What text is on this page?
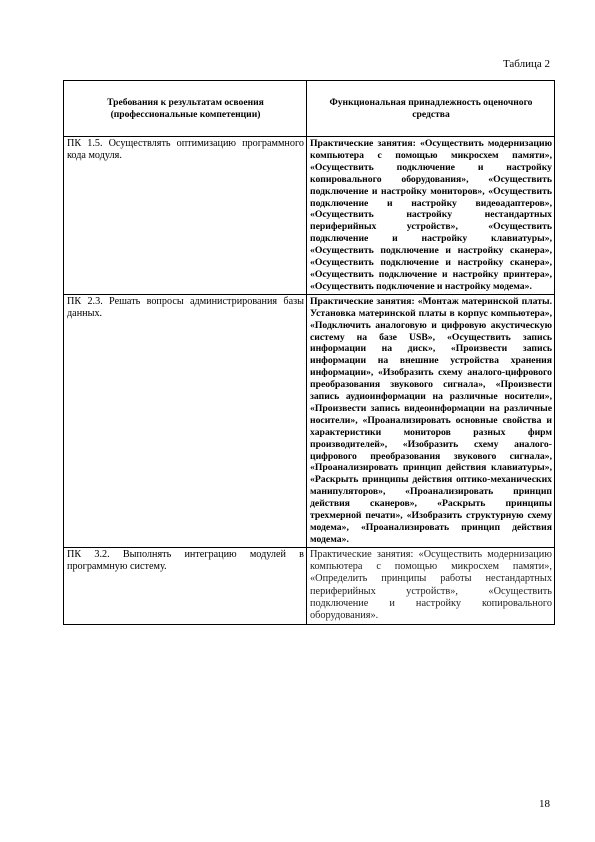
Таблица 2
Требования к результатам освоения (профессиональные компетенции)	Функциональная принадлежность оценочного средства
ПК 1.5. Осуществлять оптимизацию программного кода модуля.	Практические занятия: «Осуществить модернизацию компьютера с помощью микросхем памяти», «Осуществить подключение и настройку копировального оборудования», «Осуществить подключение и настройку мониторов», «Осуществить подключение и настройку видеоадаптеров», «Осуществить настройку нестандартных периферийных устройств», «Осуществить подключение и настройку клавиатуры», «Осуществить подключение и настройку сканера», «Осуществить подключение и настройку сканера», «Осуществить подключение и настройку принтера», «Осуществить подключение и настройку модема».
ПК 2.3. Решать вопросы администрирования базы данных.	Практические занятия: «Монтаж материнской платы. Установка материнской платы в корпус компьютера», «Подключить аналоговую и цифровую акустическую систему на базе USB», «Осуществить запись информации на диск», «Произвести запись информации на внешние устройства хранения информации», «Изобразить схему аналого-цифрового преобразования звукового сигнала», «Произвести запись аудиоинформации на различные носители», «Произвести запись видеоинформации на различные носители», «Проанализировать основные свойства и характеристики мониторов разных фирм производителей», «Изобразить схему аналого-цифрового преобразования звукового сигнала», «Проанализировать принцип действия клавиатуры», «Раскрыть принципы действия оптико-механических манипуляторов», «Проанализировать принцип действия сканеров», «Раскрыть принципы трехмерной печати», «Изобразить структурную схему модема», «Проанализировать принцип действия модема».
ПК 3.2. Выполнять интеграцию модулей в программную систему.	Практические занятия: «Осуществить модернизацию компьютера с помощью микросхем памяти», «Определить принципы работы нестандартных периферийных устройств», «Осуществить подключение и настройку копировального оборудования».
18
